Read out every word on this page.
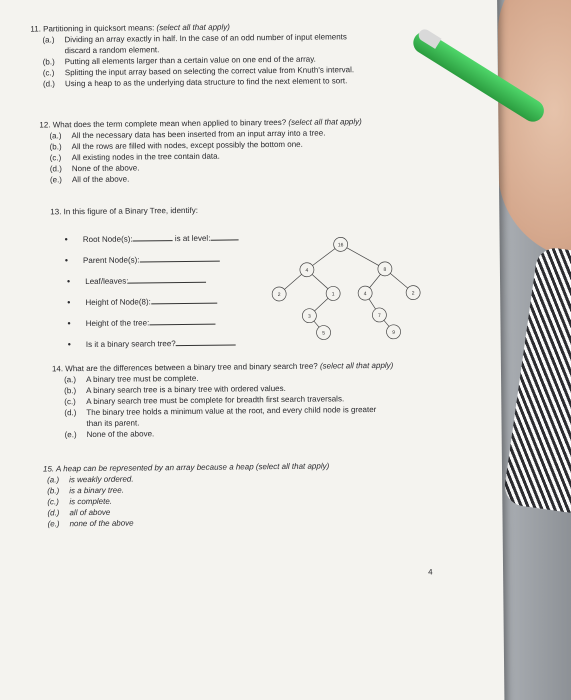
11. Partitioning in quicksort means: (select all that apply)
(a.)	Dividing an array exactly in half. In the case of an odd number of input elements
discard a random element.
(b.)	Putting all elements larger than a certain value on one end of the array.
(c.)	Splitting the input array based on selecting the correct value from Knuth's interval.
(d.)	Using a heap to as the underlying data structure to find the next element to sort.
12. What does the term complete mean when applied to binary trees? (select all that apply)
(a.)	All the necessary data has been inserted from an input array into a tree.
(b.)	All the rows are filled with nodes, except possibly the bottom one.
(c.)	All existing nodes in the tree contain data.
(d.)	None of the above.
(e.)	All of the above.
13. In this figure of a Binary Tree, identify:
• Root Node(s):	is at level:
• Parent Node(s):
• Leaf/leaves:
• Height of Node(8):
• Height of the tree:
• Is it a binary search tree?
16
4	8
2	1	4	2
3	7
5	9
14. What are the differences between a binary tree and binary search tree? (select all that apply)
(a.)	A binary tree must be complete.
(b.)	A binary search tree is a binary tree with ordered values.
(c.)	A binary search tree must be complete for breadth first search traversals.
(d.)	The binary tree holds a minimum value at the root, and every child node is greater
than its parent.
(e.)	None of the above.
15. A heap can be represented by an array because a heap (select all that apply)
(a.)	is weakly ordered.
(b.)	is a binary tree.
(c.)	is complete.
(d.)	all of above
(e.)	none of the above
4
